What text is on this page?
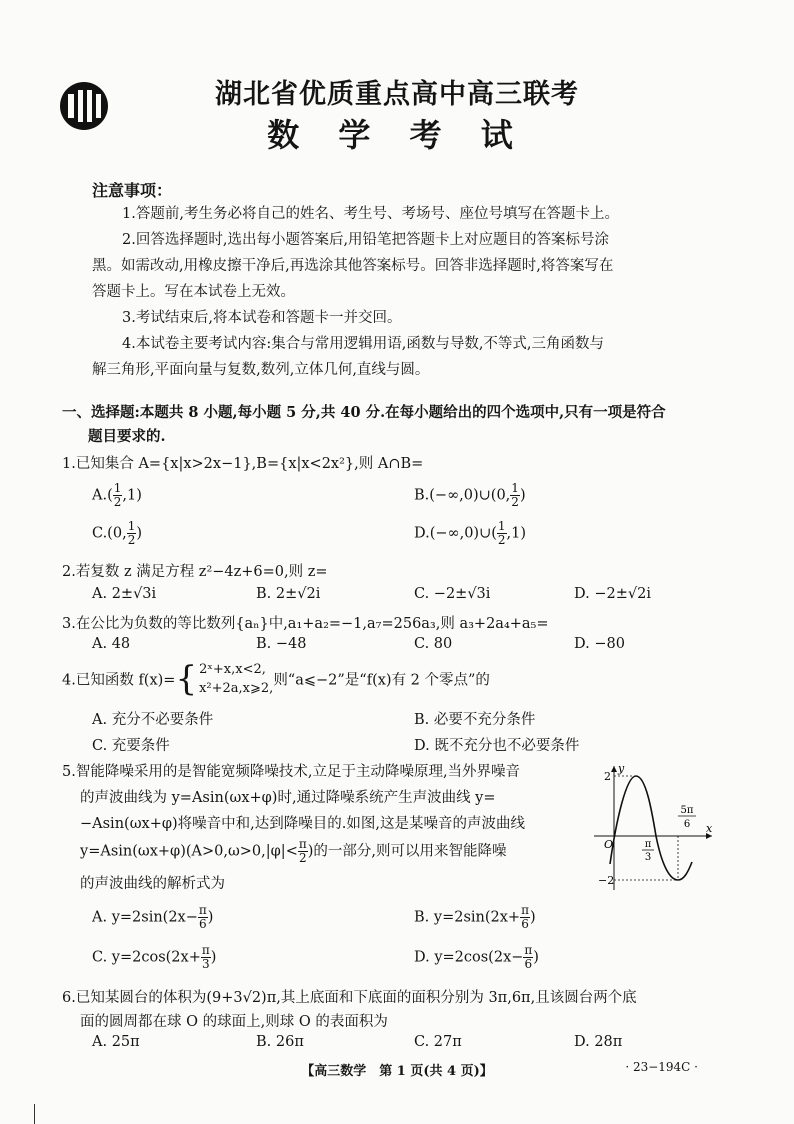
湖北省优质重点高中高三联考
数 学 考 试
注意事项：
1.答题前,考生务必将自己的姓名、考生号、考场号、座位号填写在答题卡上。
2.回答选择题时,选出每小题答案后,用铅笔把答题卡上对应题目的答案标号涂
黑。如需改动,用橡皮擦干净后,再选涂其他答案标号。回答非选择题时,将答案写在
答题卡上。写在本试卷上无效。
3.考试结束后,将本试卷和答题卡一并交回。
4.本试卷主要考试内容:集合与常用逻辑用语,函数与导数,不等式,三角函数与
解三角形,平面向量与复数,数列,立体几何,直线与圆。
一、选择题:本题共 8 小题,每小题 5 分,共 40 分.在每小题给出的四个选项中,只有一项是符合
题目要求的.
1.已知集合 A={x|x>2x−1},B={x|x<2x²},则 A∩B=
$A.( \frac{1}{2} ,1)$	B.(−∞,0)∪(0, $\frac{1}{2}$ )
C.(0, $\frac{1}{2}$ )	D.(−∞,0)∪( $\frac{1}{2} ,1$)
2.若复数 z 满足方程 z²−4z+6=0,则 z=
A. 2±√3i	B. 2±√2i	C. −2±√3i	D. −2±√2i
3.在公比为负数的等比数列{aₙ}中,a₁+a₂=−1,a₇=256a₃,则 a₃+2a₄+a₅=
A. 48	B. −48	C. 80	D. −80
4.已知函数 f(x)={ 2ˣ+x,x<2,
x²+2a,x⩾2, 则“a⩽−2”是“f(x)有 2 个零点”的
A. 充分不必要条件	B. 必要不充分条件
C. 充要条件	D. 既不充分也不必要条件
5.智能降噪采用的是智能宽频降噪技术,立足于主动降噪原理,当外界噪音
的声波曲线为 y=Asin(ωx+φ)时,通过降噪系统产生声波曲线 y=
−Asin(ωx+φ)将噪音中和,达到降噪目的.如图,这是某噪音的声波曲线
$y=Asin(\omega x+\varphi)(A>0,\omega>0,|\varphi|< \frac{\pi}{2}$ )的一部分,则可以用来智能降噪
的声波曲线的解析式为
y
x
O
2
−2
π
3
5π
6
A. $y=2\sin(2x- \frac{\pi}{6}$ )	B. $y=2\sin(2x+ \frac{\pi}{6}$ )
C. $y=2\cos(2x+ \frac{\pi}{3}$ )	D. $y=2\cos(2x- \frac{\pi}{6}$ )
6.已知某圆台的体积为(9+3√2)π,其上底面和下底面的面积分别为 3π,6π,且该圆台两个底
面的圆周都在球 O 的球面上,则球 O 的表面积为
A. 25π	B. 26π	C. 27π	D. 28π
【高三数学　第 1 页(共 4 页)】	· 23−194C ·
